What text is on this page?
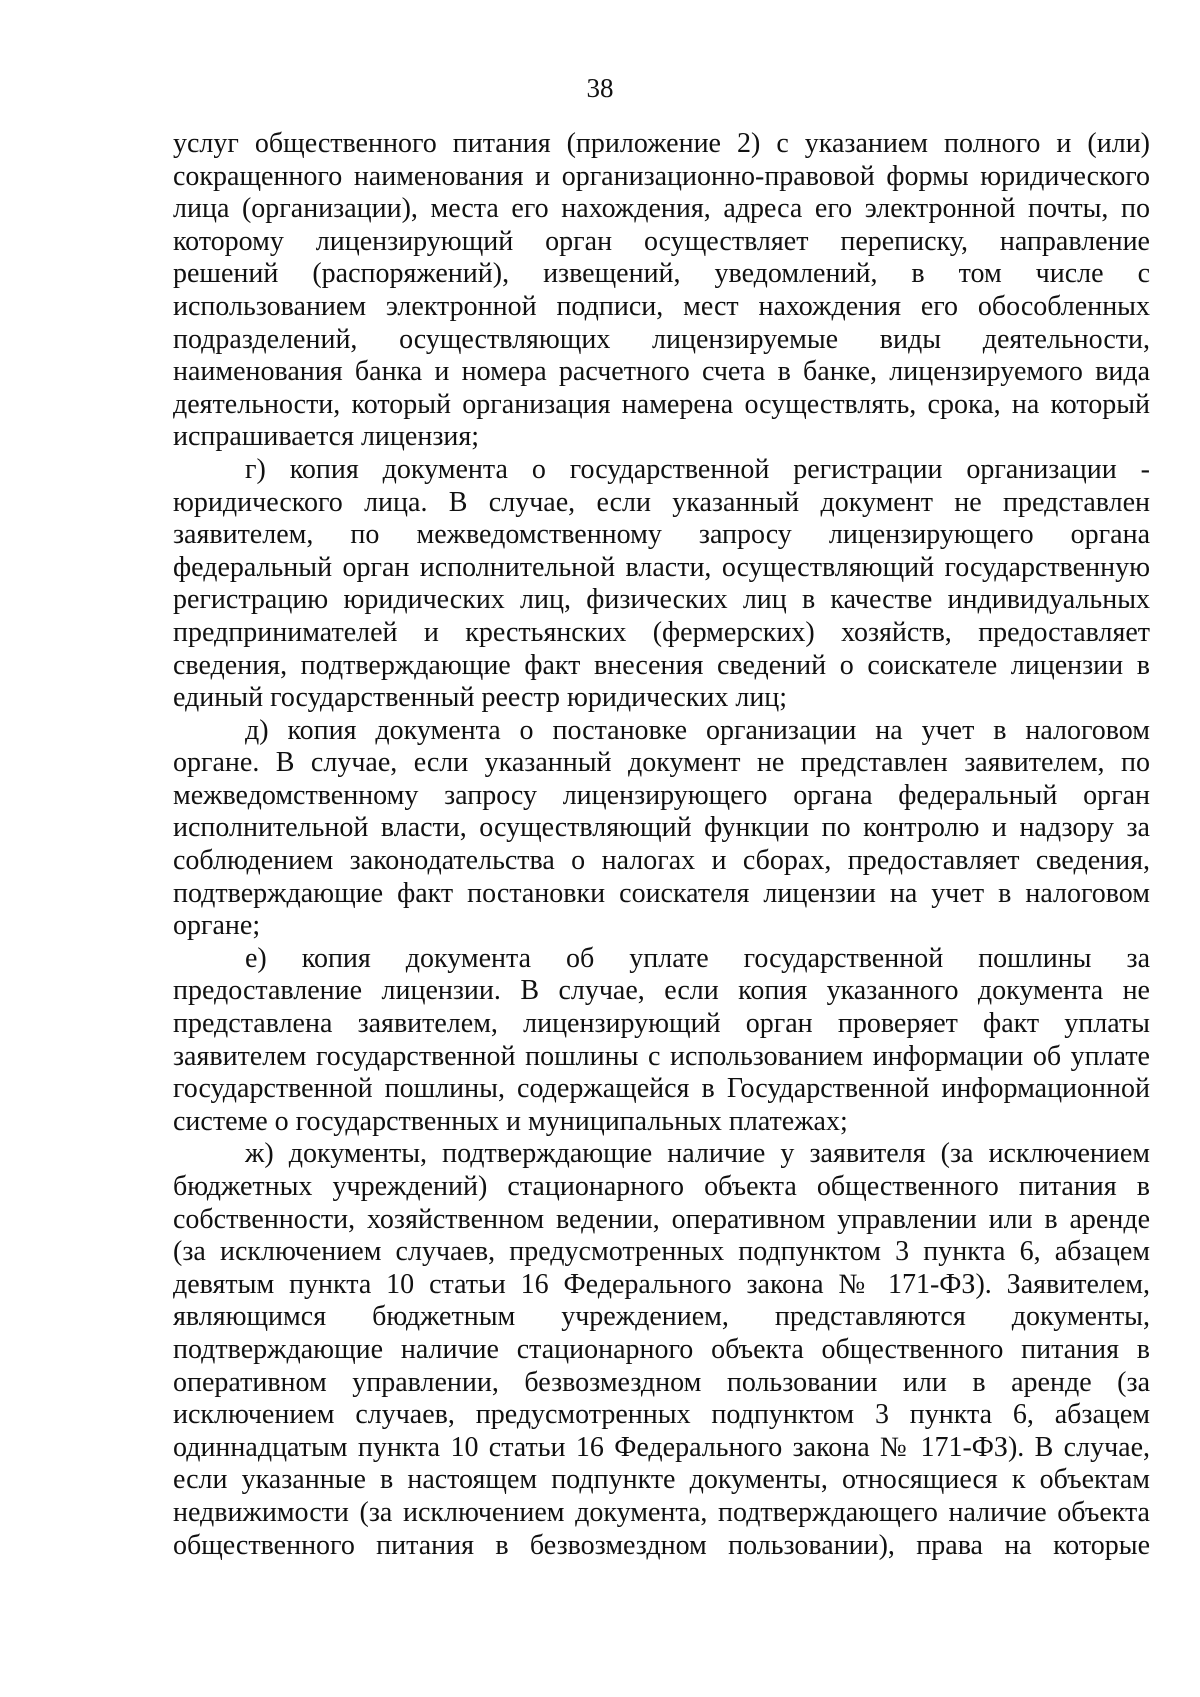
38
услуг общественного питания (приложение 2) с указанием полного и (или)
сокращенного наименования и организационно-правовой формы юридического
лица (организации), места его нахождения, адреса его электронной почты, по
которому лицензирующий орган осуществляет переписку, направление
решений (распоряжений), извещений, уведомлений, в том числе с
использованием электронной подписи, мест нахождения его обособленных
подразделений, осуществляющих лицензируемые виды деятельности,
наименования банка и номера расчетного счета в банке, лицензируемого вида
деятельности, который организация намерена осуществлять, срока, на который
испрашивается лицензия;
г) копия документа о государственной регистрации организации -
юридического лица. В случае, если указанный документ не представлен
заявителем, по межведомственному запросу лицензирующего органа
федеральный орган исполнительной власти, осуществляющий государственную
регистрацию юридических лиц, физических лиц в качестве индивидуальных
предпринимателей и крестьянских (фермерских) хозяйств, предоставляет
сведения, подтверждающие факт внесения сведений о соискателе лицензии в
единый государственный реестр юридических лиц;
д) копия документа о постановке организации на учет в налоговом
органе. В случае, если указанный документ не представлен заявителем, по
межведомственному запросу лицензирующего органа федеральный орган
исполнительной власти, осуществляющий функции по контролю и надзору за
соблюдением законодательства о налогах и сборах, предоставляет сведения,
подтверждающие факт постановки соискателя лицензии на учет в налоговом
органе;
е) копия документа об уплате государственной пошлины за
предоставление лицензии. В случае, если копия указанного документа не
представлена заявителем, лицензирующий орган проверяет факт уплаты
заявителем государственной пошлины с использованием информации об уплате
государственной пошлины, содержащейся в Государственной информационной
системе о государственных и муниципальных платежах;
ж) документы, подтверждающие наличие у заявителя (за исключением
бюджетных учреждений) стационарного объекта общественного питания в
собственности, хозяйственном ведении, оперативном управлении или в аренде
(за исключением случаев, предусмотренных подпунктом 3 пункта 6, абзацем
девятым пункта 10 статьи 16 Федерального закона № 171-ФЗ). Заявителем,
являющимся бюджетным учреждением, представляются документы,
подтверждающие наличие стационарного объекта общественного питания в
оперативном управлении, безвозмездном пользовании или в аренде (за
исключением случаев, предусмотренных подпунктом 3 пункта 6, абзацем
одиннадцатым пункта 10 статьи 16 Федерального закона № 171-ФЗ). В случае,
если указанные в настоящем подпункте документы, относящиеся к объектам
недвижимости (за исключением документа, подтверждающего наличие объекта
общественного питания в безвозмездном пользовании), права на которые
